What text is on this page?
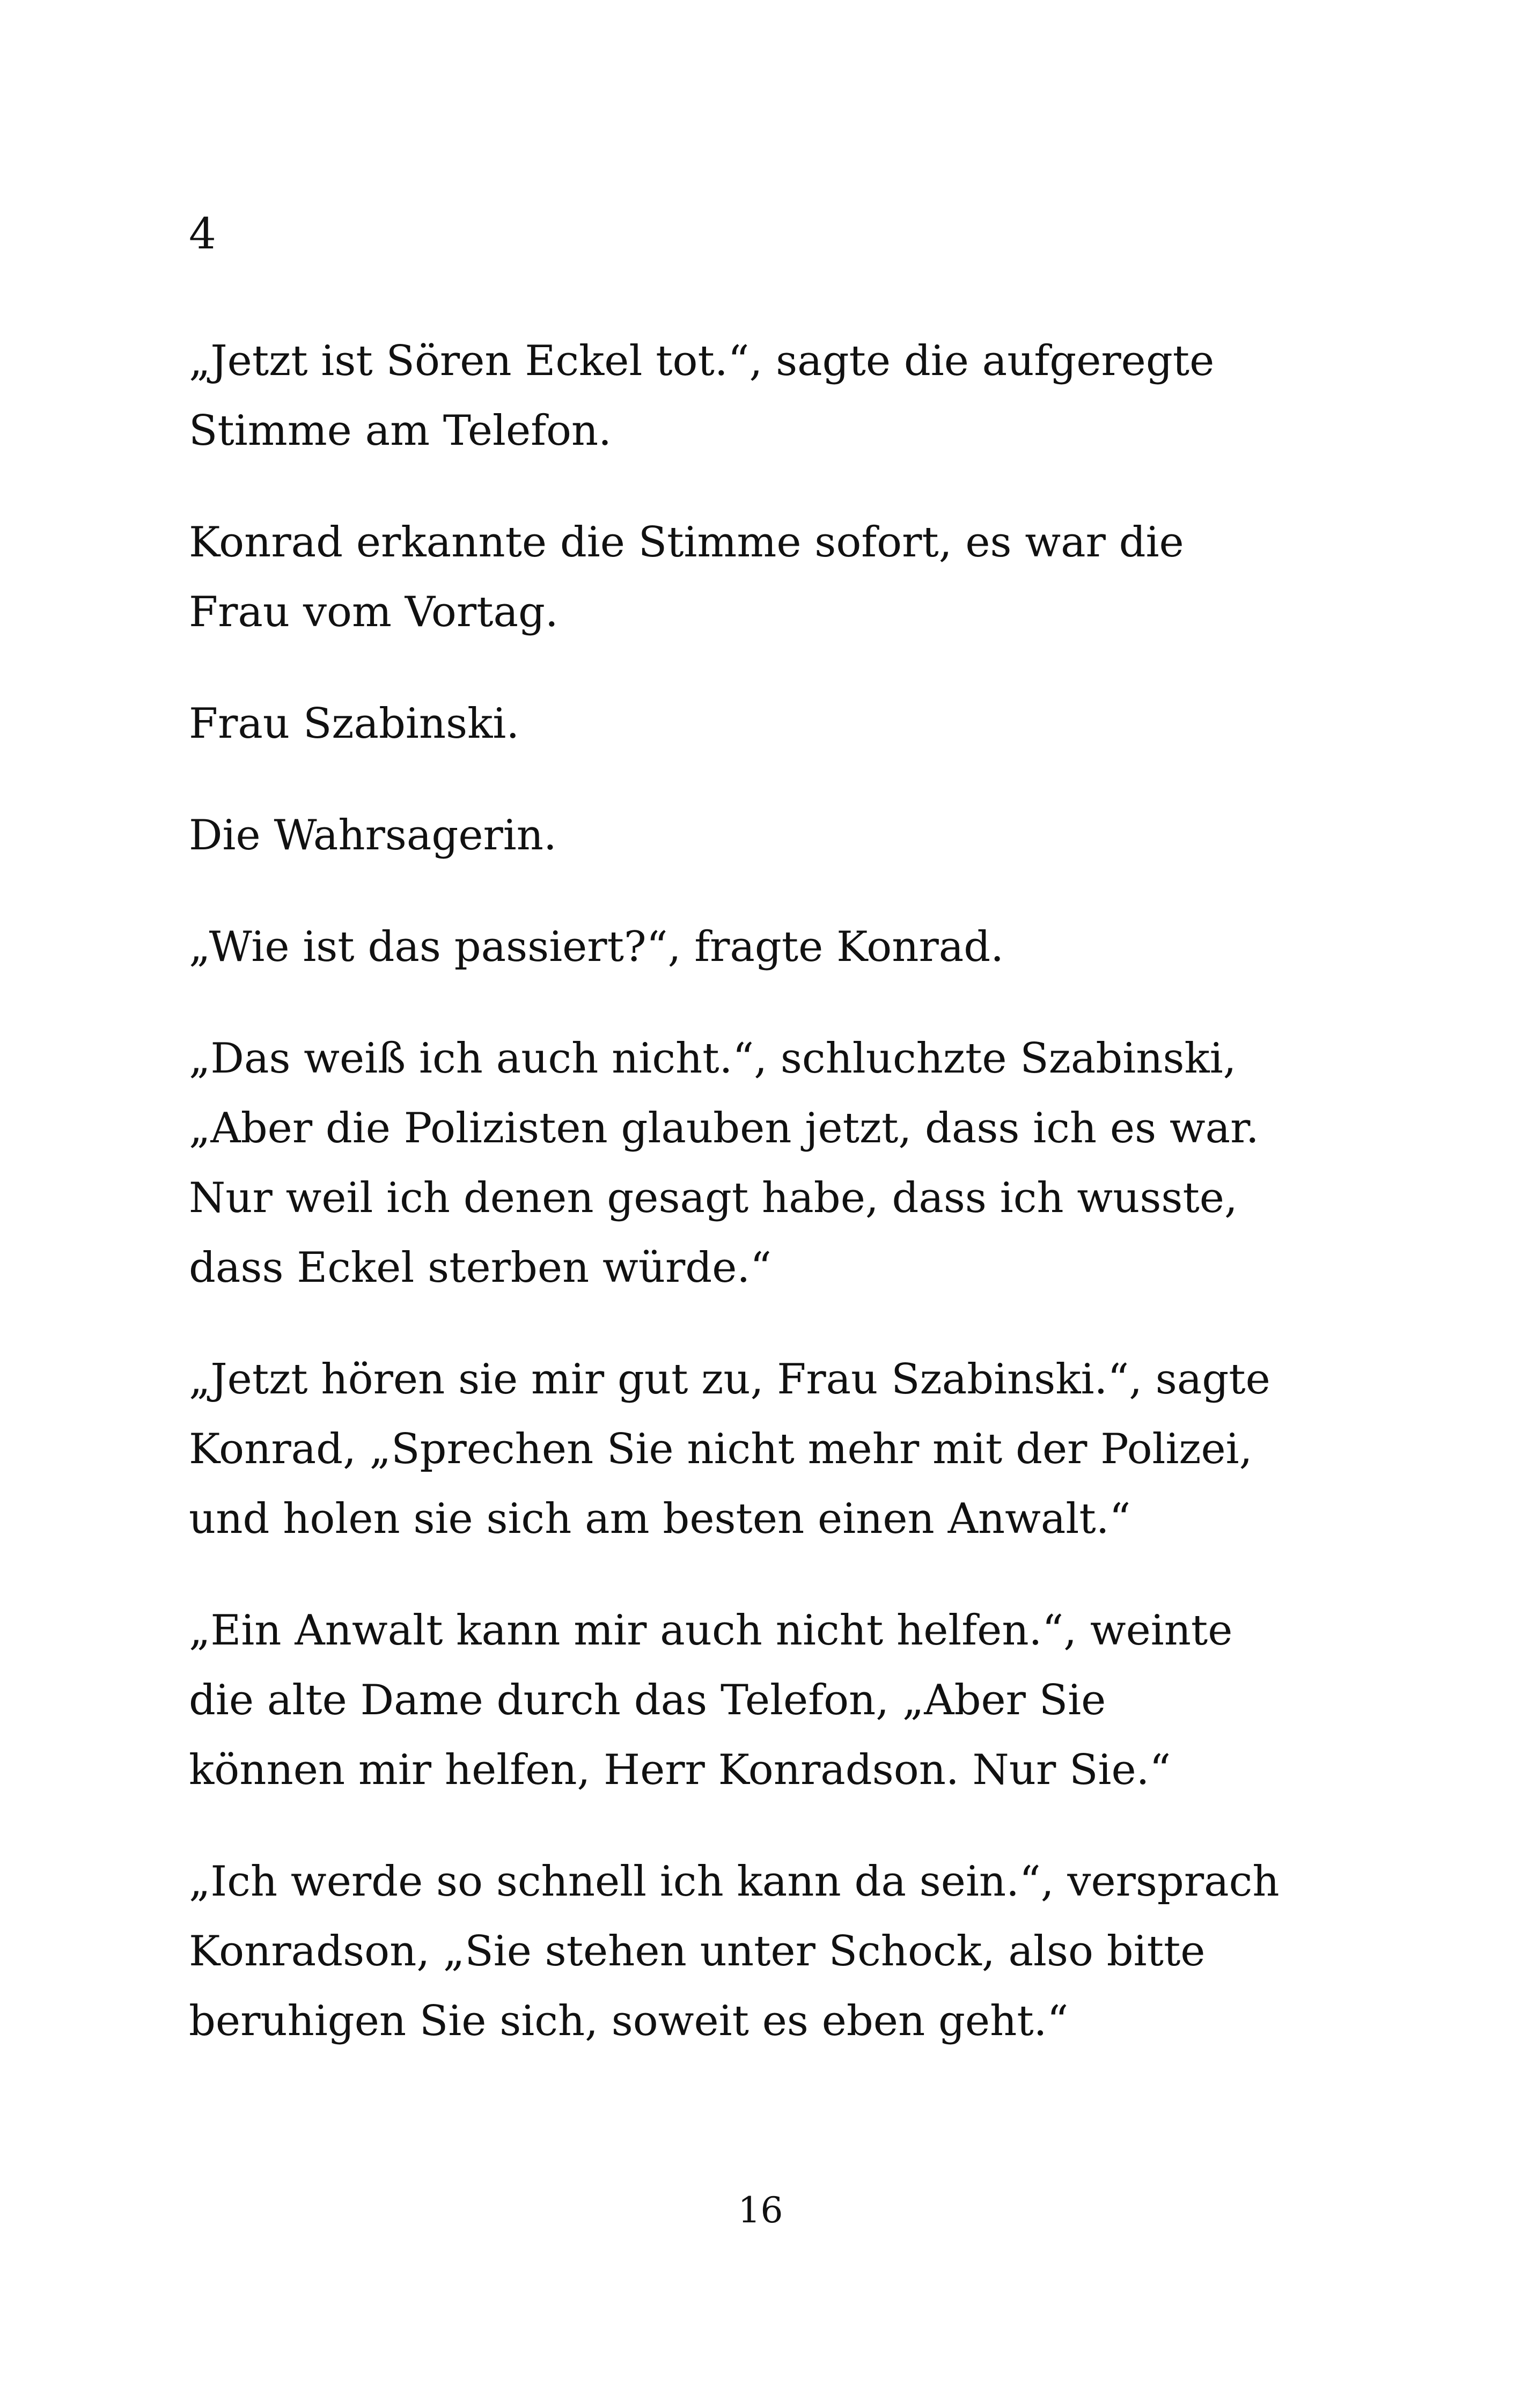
4
„Jetzt ist Sören Eckel tot.“, sagte die aufgeregte
Stimme am Telefon.
Konrad erkannte die Stimme sofort, es war die
Frau vom Vortag.
Frau Szabinski.
Die Wahrsagerin.
„Wie ist das passiert?“, fragte Konrad.
„Das weiß ich auch nicht.“, schluchzte Szabinski,
„Aber die Polizisten glauben jetzt, dass ich es war.
Nur weil ich denen gesagt habe, dass ich wusste,
dass Eckel sterben würde.“
„Jetzt hören sie mir gut zu, Frau Szabinski.“, sagte
Konrad, „Sprechen Sie nicht mehr mit der Polizei,
und holen sie sich am besten einen Anwalt.“
„Ein Anwalt kann mir auch nicht helfen.“, weinte
die alte Dame durch das Telefon, „Aber Sie
können mir helfen, Herr Konradson. Nur Sie.“
„Ich werde so schnell ich kann da sein.“, versprach
Konradson, „Sie stehen unter Schock, also bitte
beruhigen Sie sich, soweit es eben geht.“
16
